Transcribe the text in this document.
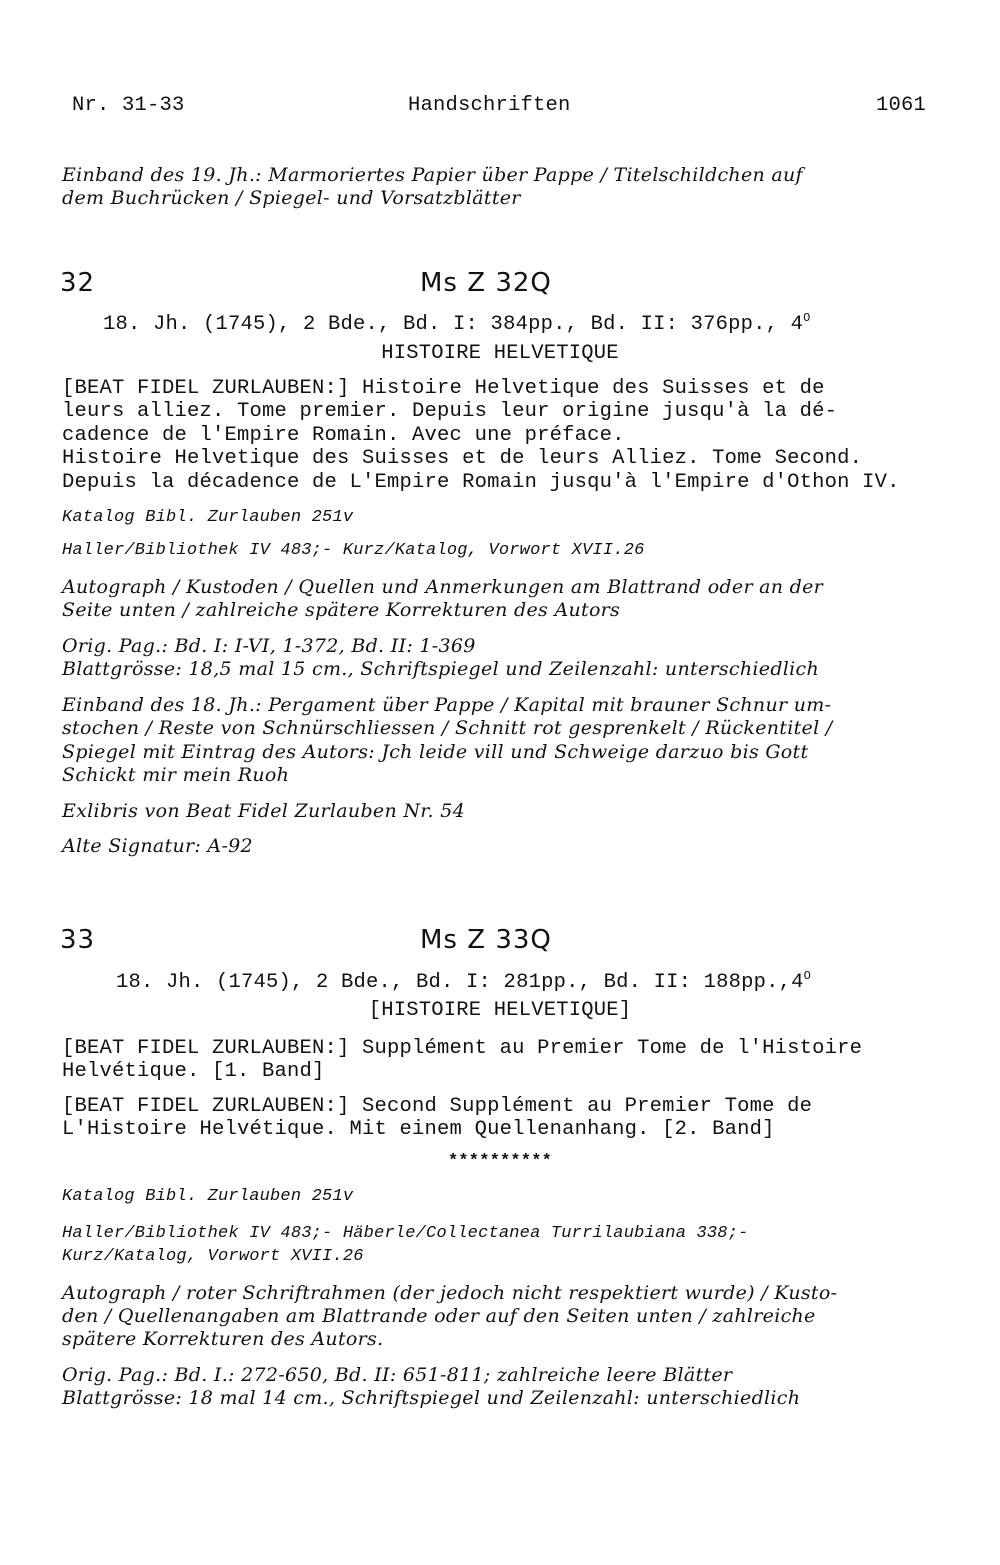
Nr. 31-33	Handschriften	1061
Einband des 19. Jh.: Marmoriertes Papier über Pappe / Titelschildchen auf
dem Buchrücken / Spiegel- und Vorsatzblätter
32	Ms Z 32Q
18. Jh. (1745), 2 Bde., Bd. I: 384pp., Bd. II: 376pp., $4^O$
HISTOIRE HELVETIQUE
[BEAT FIDEL ZURLAUBEN:] Histoire Helvetique des Suisses et de
leurs alliez. Tome premier. Depuis leur origine jusqu'à la dé-
cadence de l'Empire Romain. Avec une préface.
Histoire Helvetique des Suisses et de leurs Alliez. Tome Second.
Depuis la décadence de L'Empire Romain jusqu'à l'Empire d'Othon IV.
Katalog Bibl. Zurlauben 251v
Haller/Bibliothek IV 483;- Kurz/Katalog, Vorwort XVII.26
Autograph / Kustoden / Quellen und Anmerkungen am Blattrand oder an der
Seite unten / zahlreiche spätere Korrekturen des Autors
Orig. Pag.: Bd. I: I-VI, 1-372, Bd. II: 1-369
Blattgrösse: 18,5 mal 15 cm., Schriftspiegel und Zeilenzahl: unterschiedlich
Einband des 18. Jh.: Pergament über Pappe / Kapital mit brauner Schnur um-
stochen / Reste von Schnürschliessen / Schnitt rot gesprenkelt / Rückentitel /
Spiegel mit Eintrag des Autors: Jch leide vill und Schweige darzuo bis Gott
Schickt mir mein Ruoh
Exlibris von Beat Fidel Zurlauben Nr. 54
Alte Signatur: A-92
33	Ms Z 33Q
18. Jh. (1745), 2 Bde., Bd. I: 281pp., Bd. II: $188pp.,4^O$
[HISTOIRE HELVETIQUE]
[BEAT FIDEL ZURLAUBEN:] Supplément au Premier Tome de l'Histoire
Helvétique. [1. Band]
[BEAT FIDEL ZURLAUBEN:] Second Supplément au Premier Tome de
L'Histoire Helvétique. Mit einem Quellenanhang. [2. Band]
**********
Katalog Bibl. Zurlauben 251v
Haller/Bibliothek IV 483;- Häberle/Collectanea Turrilaubiana 338;-
Kurz/Katalog, Vorwort XVII.26
Autograph / roter Schriftrahmen (der jedoch nicht respektiert wurde) / Kusto-
den / Quellenangaben am Blattrande oder auf den Seiten unten / zahlreiche
spätere Korrekturen des Autors.
Orig. Pag.: Bd. I.: 272-650, Bd. II: 651-811; zahlreiche leere Blätter
Blattgrösse: 18 mal 14 cm., Schriftspiegel und Zeilenzahl: unterschiedlich
